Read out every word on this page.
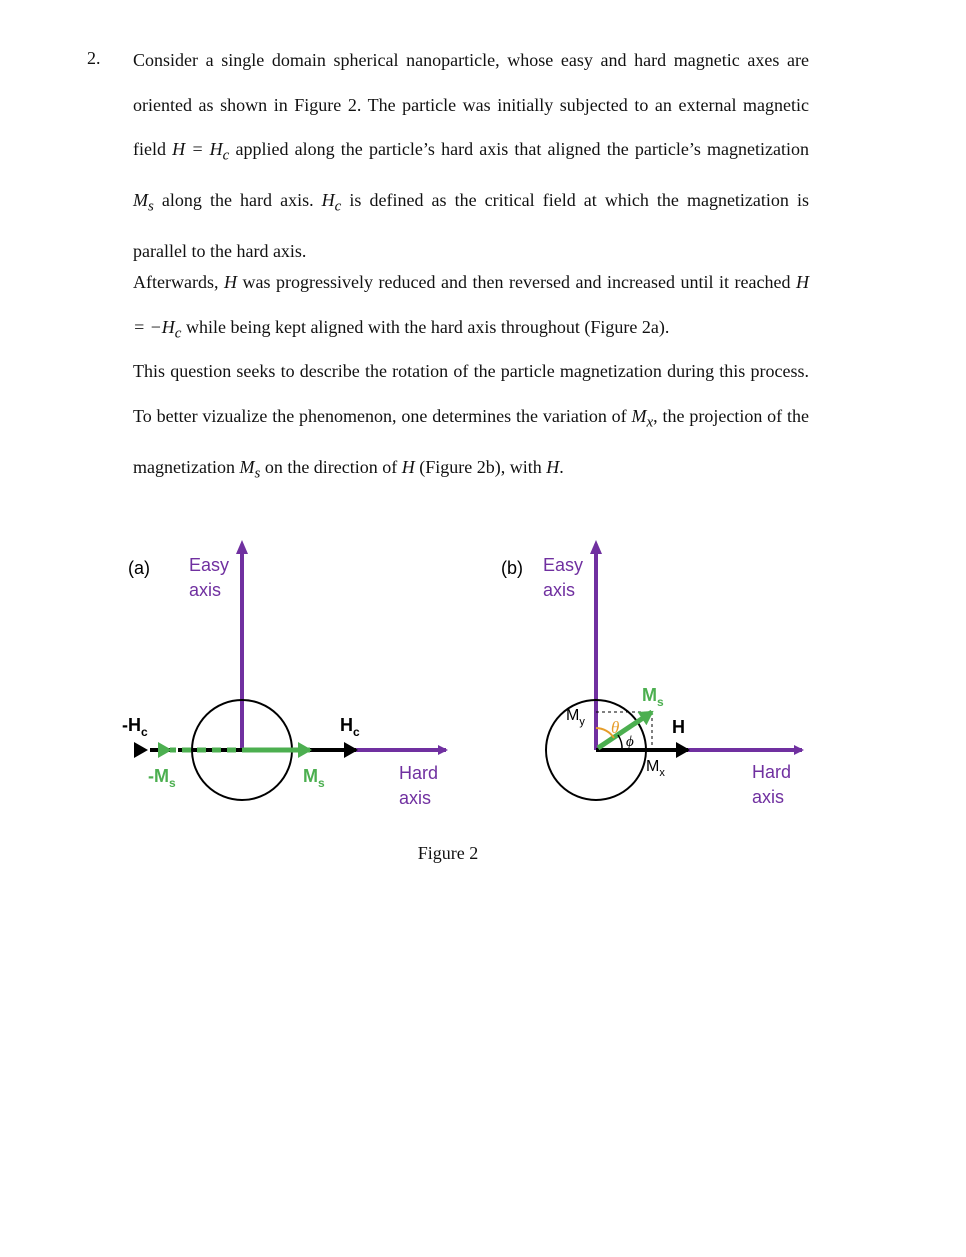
2. Consider a single domain spherical nanoparticle, whose easy and hard magnetic axes are oriented as shown in Figure 2. The particle was initially subjected to an external magnetic field $H = H_c$ applied along the particle’s hard axis that aligned the particle’s magnetization $M_s$ along the hard axis. $H_c$ is defined as the critical field at which the magnetization is parallel to the hard axis.
Afterwards, H was progressively reduced and then reversed and increased until it reached $H = -H_c$ while being kept aligned with the hard axis throughout (Figure 2a).
This question seeks to describe the rotation of the particle magnetization during this process. To better vizualize the phenomenon, one determines the variation of $M_x$, the projection of the magnetization $M_s$ on the direction of H (Figure 2b), with H.
(a) Easy
axis
$-H_c$	$H_c$
$-M_s$	$M_s$	Hard
axis
(b) Easy
axis
θ
ϕ
$M_y$
$M_x$
$M_s$
H
Hard
axis
Figure 2
